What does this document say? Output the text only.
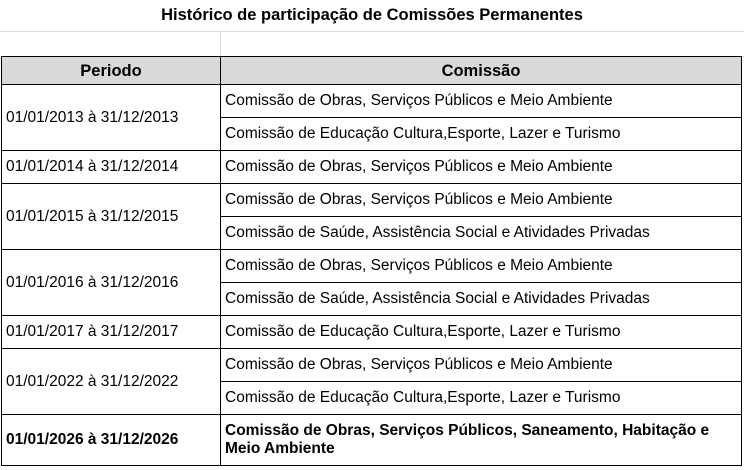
Histórico de participação de Comissões Permanentes
Periodo	Comissão
01/01/2013 à 31/12/2013	Comissão de Obras, Serviços Públicos e Meio Ambiente
	Comissão de Educação Cultura,Esporte, Lazer e Turismo
01/01/2014 à 31/12/2014	Comissão de Obras, Serviços Públicos e Meio Ambiente
01/01/2015 à 31/12/2015	Comissão de Obras, Serviços Públicos e Meio Ambiente
	Comissão de Saúde, Assistência Social e Atividades Privadas
01/01/2016 à 31/12/2016	Comissão de Obras, Serviços Públicos e Meio Ambiente
	Comissão de Saúde, Assistência Social e Atividades Privadas
01/01/2017 à 31/12/2017	Comissão de Educação Cultura,Esporte, Lazer e Turismo
01/01/2022 à 31/12/2022	Comissão de Obras, Serviços Públicos e Meio Ambiente
	Comissão de Educação Cultura,Esporte, Lazer e Turismo
01/01/2026 à 31/12/2026	Comissão de Obras, Serviços Públicos, Saneamento, Habitação e Meio Ambiente
